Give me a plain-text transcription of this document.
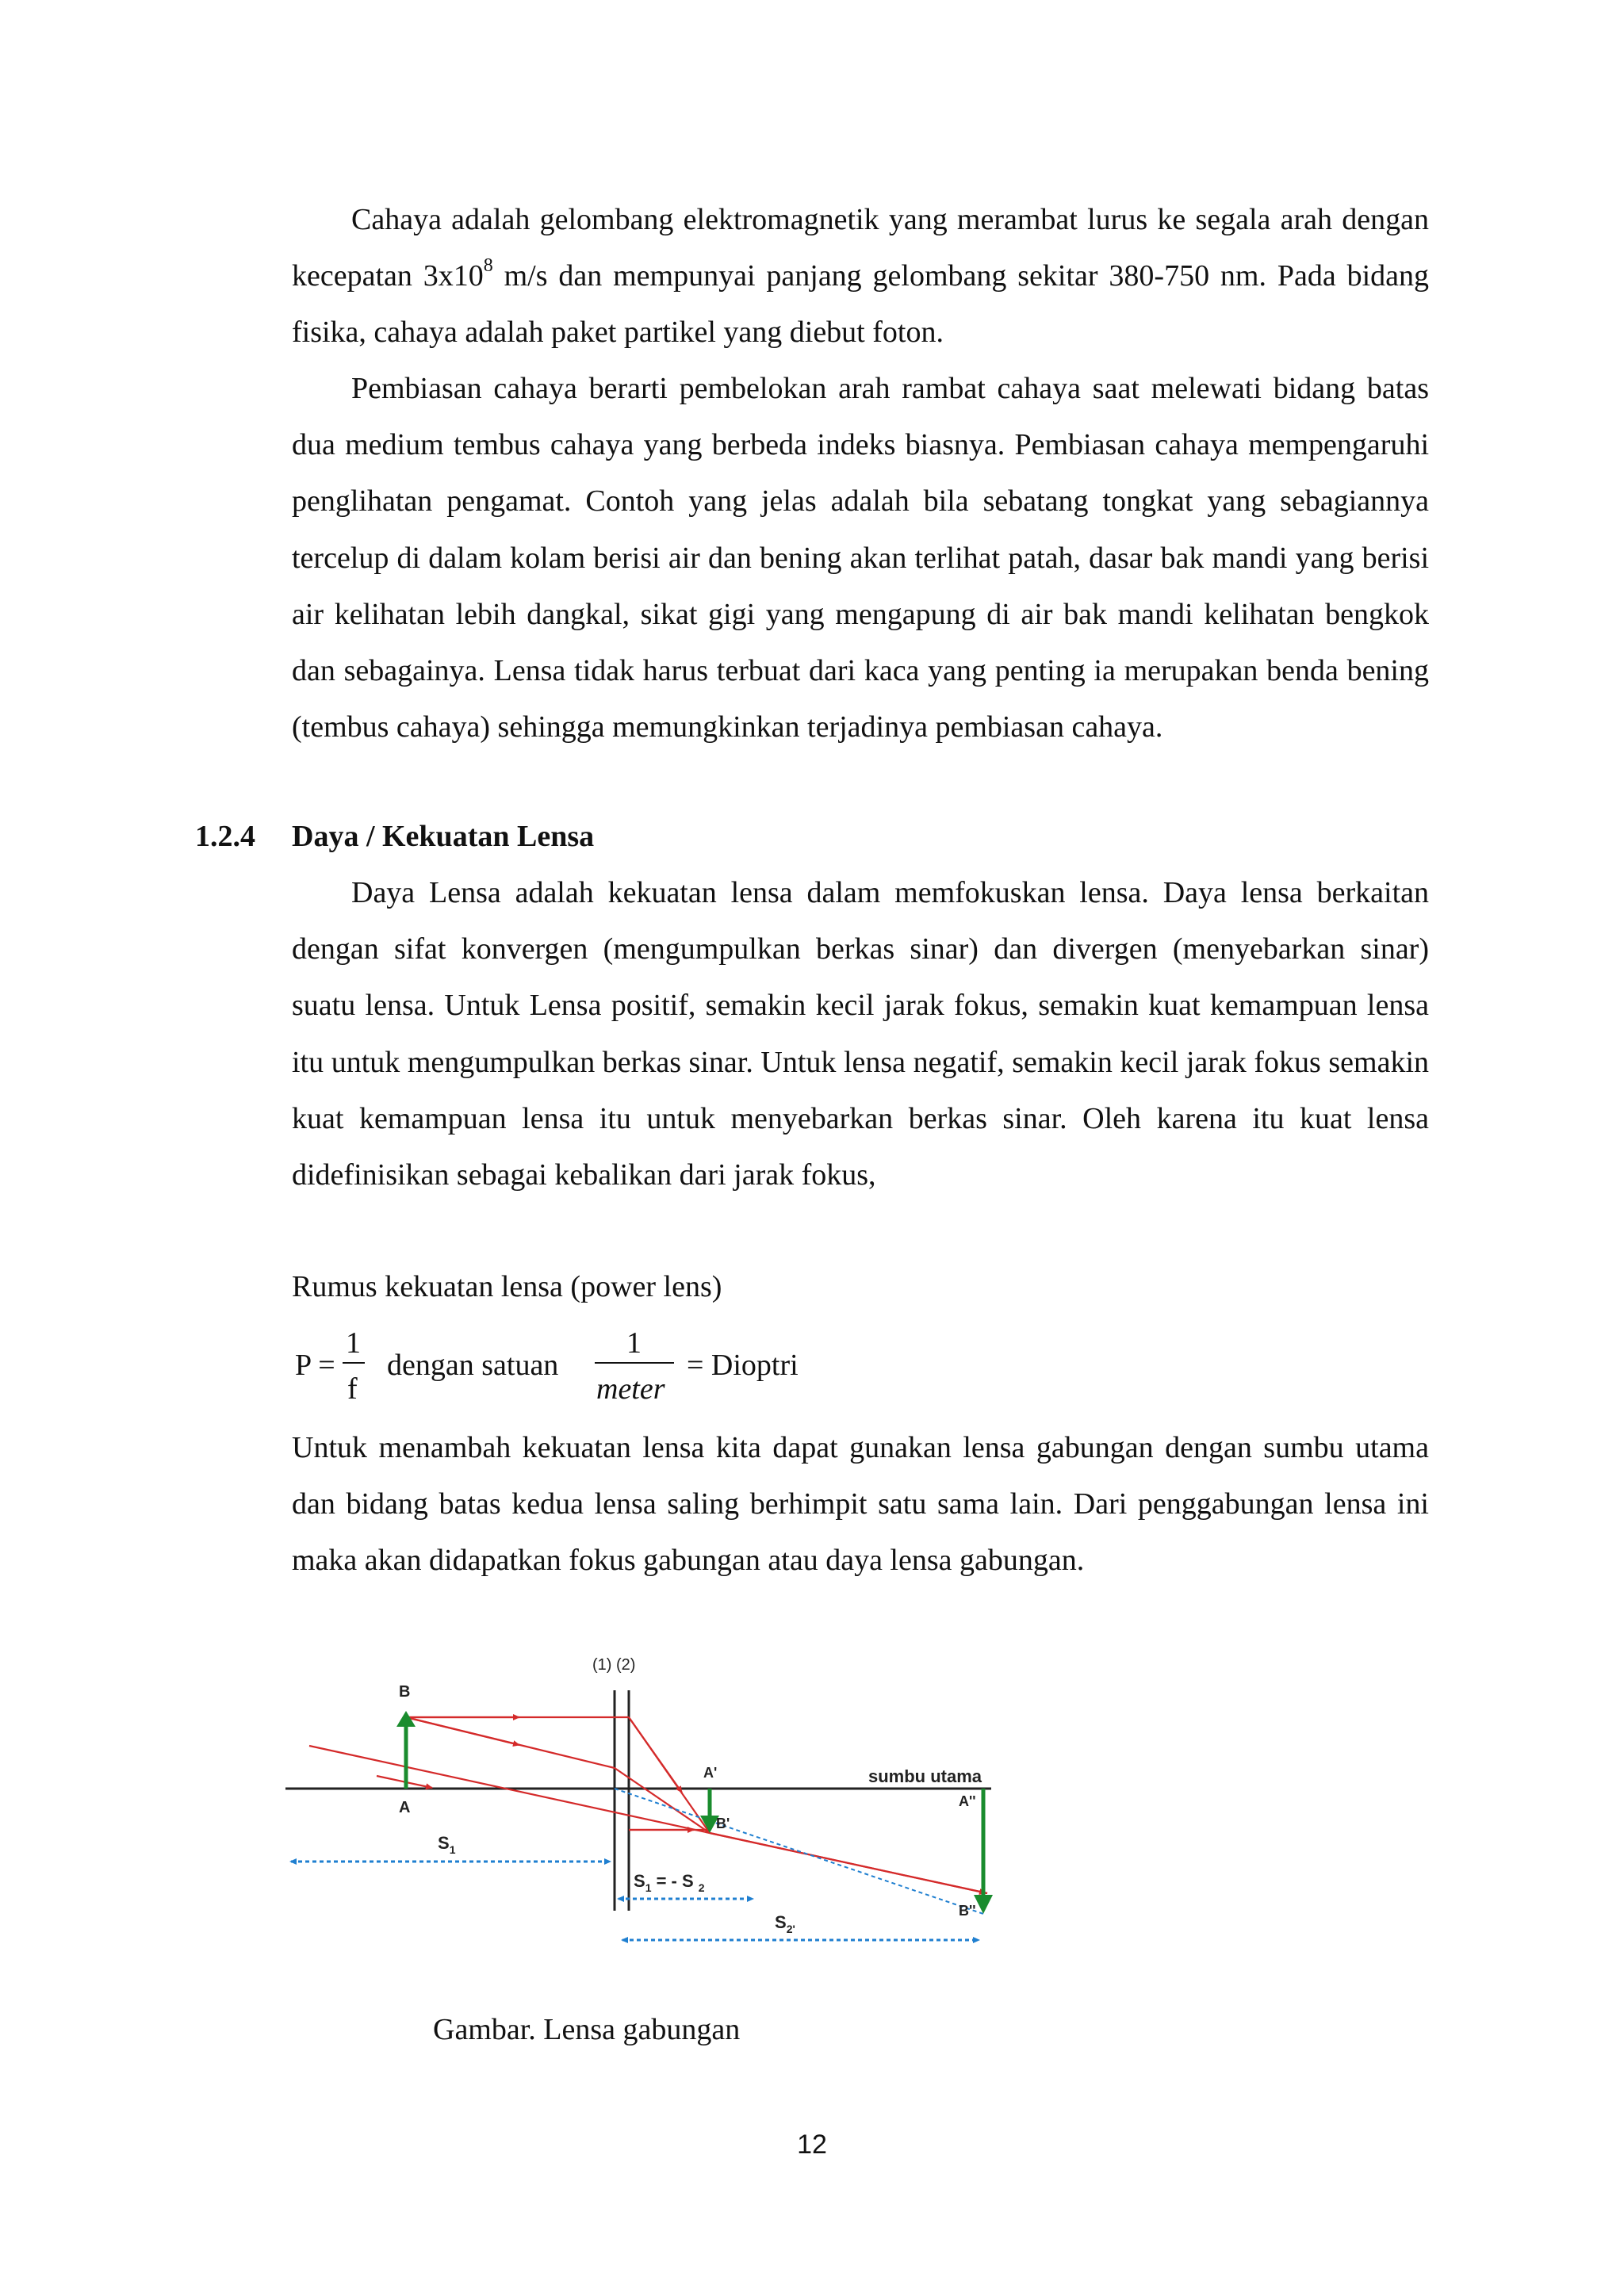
Cahaya adalah gelombang elektromagnetik yang merambat lurus ke segala arah dengan kecepatan $3x10^8$ m/s dan mempunyai panjang gelombang sekitar 380-750 nm. Pada bidang fisika, cahaya adalah paket partikel yang diebut foton.

Pembiasan cahaya berarti pembelokan arah rambat cahaya saat melewati bidang batas dua medium tembus cahaya yang berbeda indeks biasnya. Pembiasan cahaya mempengaruhi penglihatan pengamat. Contoh yang jelas adalah bila sebatang tongkat yang sebagiannya tercelup di dalam kolam berisi air dan bening akan terlihat patah, dasar bak mandi yang berisi air kelihatan lebih dangkal, sikat gigi yang mengapung di air bak mandi kelihatan bengkok dan sebagainya. Lensa tidak harus terbuat dari kaca yang penting ia merupakan benda bening (tembus cahaya) sehingga memungkinkan terjadinya pembiasan cahaya.

1.2.4 Daya / Kekuatan Lensa

Daya Lensa adalah kekuatan lensa dalam memfokuskan lensa. Daya lensa berkaitan dengan sifat konvergen (mengumpulkan berkas sinar) dan divergen (menyebarkan sinar) suatu lensa. Untuk Lensa positif, semakin kecil jarak fokus, semakin kuat kemampuan lensa itu untuk mengumpulkan berkas sinar. Untuk lensa negatif, semakin kecil jarak fokus semakin kuat kemampuan lensa itu untuk menyebarkan berkas sinar. Oleh karena itu kuat lensa didefinisikan sebagai kebalikan dari jarak fokus,

Rumus kekuatan lensa (power lens)
P =
1
f
dengan satuan
1
meter
= Dioptri

Untuk menambah kekuatan lensa kita dapat gunakan lensa gabungan dengan sumbu utama dan bidang batas kedua lensa saling berhimpit satu sama lain. Dari penggabungan lensa ini maka akan didapatkan fokus gabungan atau daya lensa gabungan.

(1) (2)
B
A
A'
B'
A''
B''
sumbu utama
$S_1$
$S_1$ = - S $_2$
$S_{2'}$
Gambar. Lensa gabungan
12
